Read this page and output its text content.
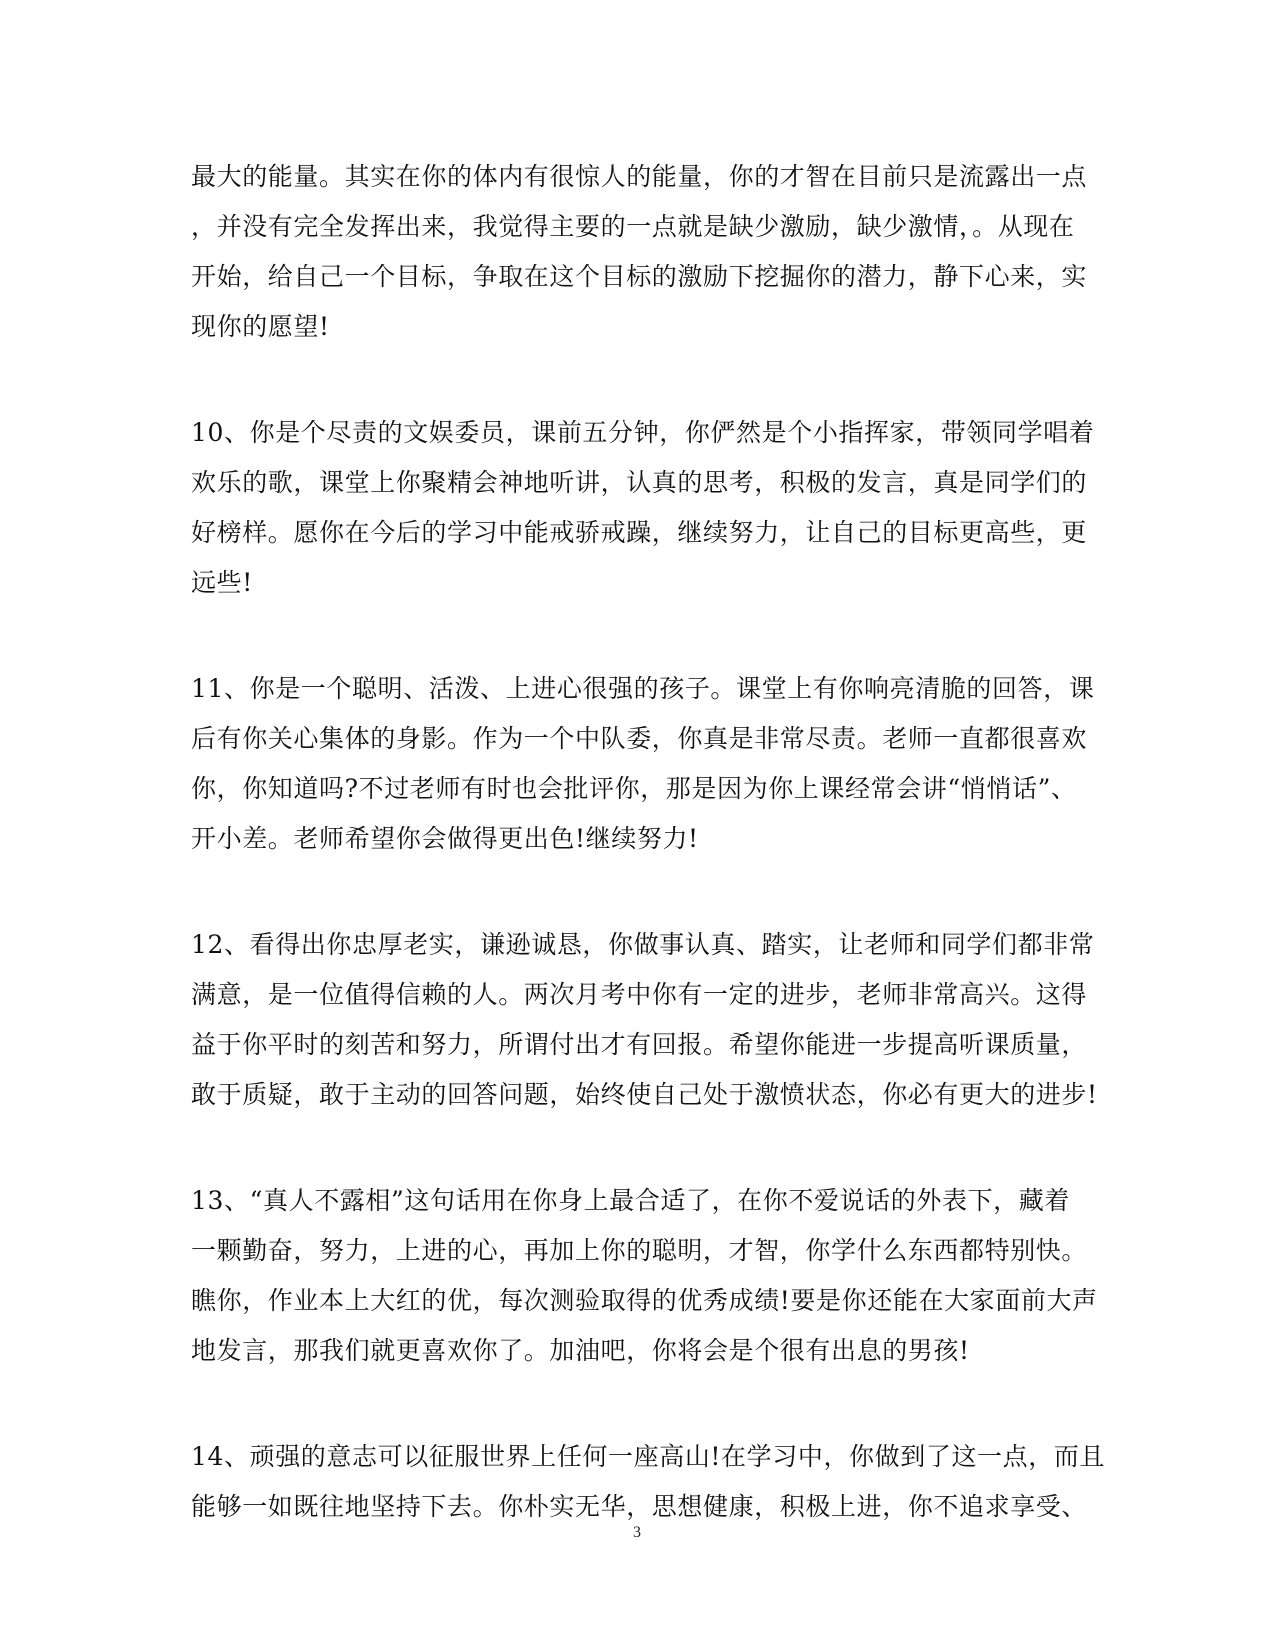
最大的能量。其实在你的体内有很惊人的能量，你的才智在目前只是流露出一点
，并没有完全发挥出来，我觉得主要的一点就是缺少激励，缺少激情，。从现在
开始，给自己一个目标，争取在这个目标的激励下挖掘你的潜力，静下心来，实
现你的愿望!
10、你是个尽责的文娱委员，课前五分钟，你俨然是个小指挥家，带领同学唱着
欢乐的歌，课堂上你聚精会神地听讲，认真的思考，积极的发言，真是同学们的
好榜样。愿你在今后的学习中能戒骄戒躁，继续努力，让自己的目标更高些，更
远些!
11、你是一个聪明、活泼、上进心很强的孩子。课堂上有你响亮清脆的回答，课
后有你关心集体的身影。作为一个中队委，你真是非常尽责。老师一直都很喜欢
你，你知道吗?不过老师有时也会批评你，那是因为你上课经常会讲“悄悄话”、
开小差。老师希望你会做得更出色!继续努力!
12、看得出你忠厚老实，谦逊诚恳，你做事认真、踏实，让老师和同学们都非常
满意，是一位值得信赖的人。两次月考中你有一定的进步，老师非常高兴。这得
益于你平时的刻苦和努力，所谓付出才有回报。希望你能进一步提高听课质量，
敢于质疑，敢于主动的回答问题，始终使自己处于激愤状态，你必有更大的进步!
13、“真人不露相”这句话用在你身上最合适了，在你不爱说话的外表下，藏着
一颗勤奋，努力，上进的心，再加上你的聪明，才智，你学什么东西都特别快。
瞧你，作业本上大红的优，每次测验取得的优秀成绩!要是你还能在大家面前大声
地发言，那我们就更喜欢你了。加油吧，你将会是个很有出息的男孩!
14、顽强的意志可以征服世界上任何一座高山!在学习中，你做到了这一点，而且
能够一如既往地坚持下去。你朴实无华，思想健康，积极上进，你不追求享受、
3
